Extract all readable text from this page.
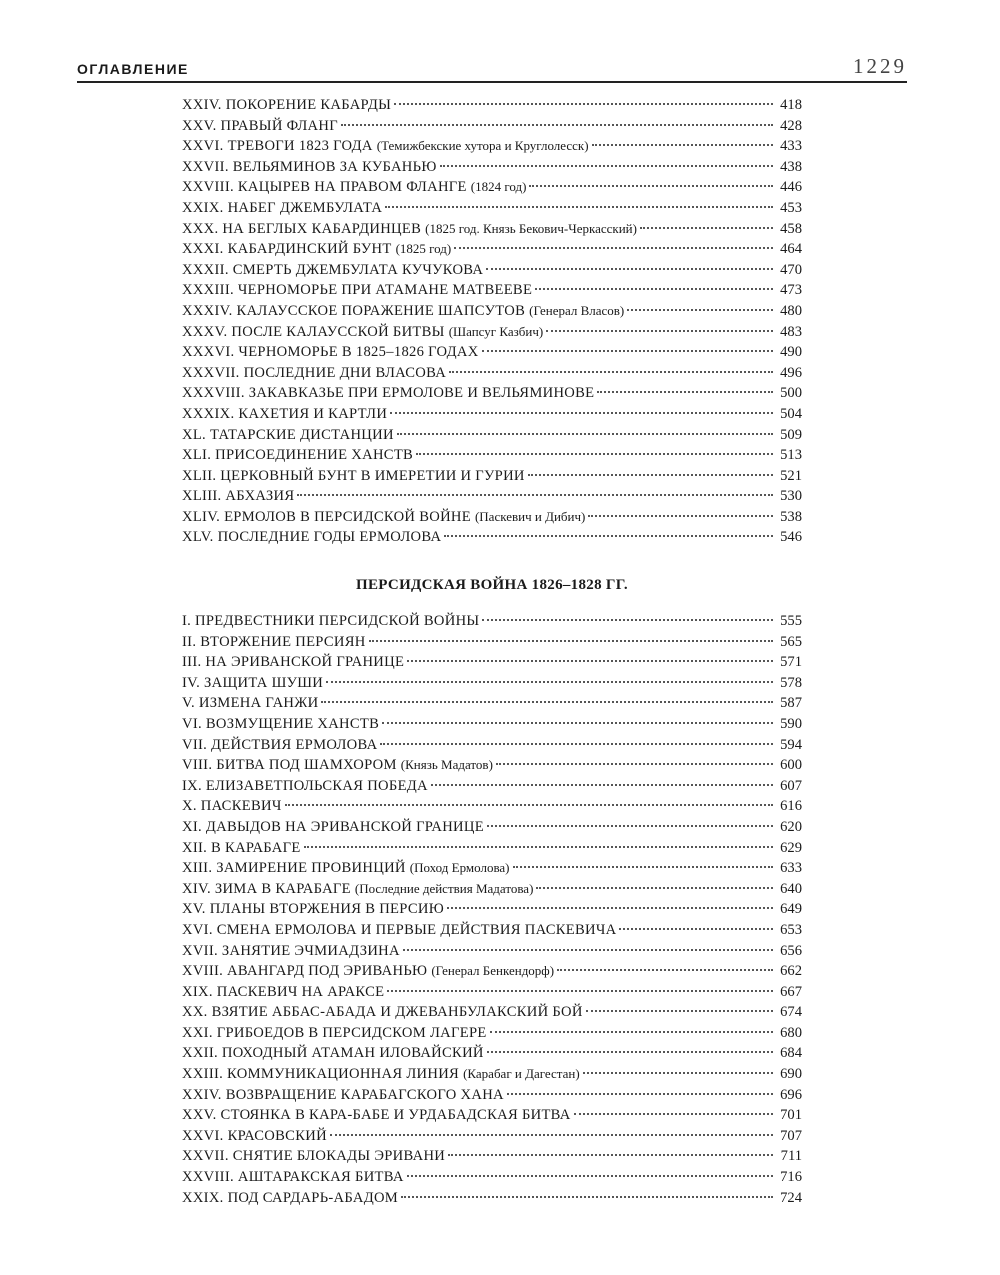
ОГЛАВЛЕНИЕ	1229
XXIV. ПОКОРЕНИЕ КАБАРДЫ	418
XXV. ПРАВЫЙ ФЛАНГ	428
XXVI. ТРЕВОГИ 1823 ГОДА (Темижбекские хутора и Круглолесск)	433
XXVII. ВЕЛЬЯМИНОВ ЗА КУБАНЬЮ	438
XXVIII. КАЦЫРЕВ НА ПРАВОМ ФЛАНГЕ (1824 год)	446
XXIX. НАБЕГ ДЖЕМБУЛАТА	453
XXX. НА БЕГЛЫХ КАБАРДИНЦЕВ (1825 год. Князь Бекович-Черкасский)	458
XXXI. КАБАРДИНСКИЙ БУНТ (1825 год)	464
XXXII. СМЕРТЬ ДЖЕМБУЛАТА КУЧУКОВА	470
XXXIII. ЧЕРНОМОРЬЕ ПРИ АТАМАНЕ МАТВЕЕВЕ	473
XXXIV. КАЛАУССКОЕ ПОРАЖЕНИЕ ШАПСУТОВ (Генерал Власов)	480
XXXV. ПОСЛЕ КАЛАУССКОЙ БИТВЫ (Шапсуг Казбич)	483
XXXVI. ЧЕРНОМОРЬЕ В 1825–1826 ГОДАХ	490
XXXVII. ПОСЛЕДНИЕ ДНИ ВЛАСОВА	496
XXXVIII. ЗАКАВКАЗЬЕ ПРИ ЕРМОЛОВЕ И ВЕЛЬЯМИНОВЕ	500
XXXIX. КАХЕТИЯ И КАРТЛИ	504
XL. ТАТАРСКИЕ ДИСТАНЦИИ	509
XLI. ПРИСОЕДИНЕНИЕ ХАНСТВ	513
XLII. ЦЕРКОВНЫЙ БУНТ В ИМЕРЕТИИ И ГУРИИ	521
XLIII. АБХАЗИЯ	530
XLIV. ЕРМОЛОВ В ПЕРСИДСКОЙ ВОЙНЕ (Паскевич и Дибич)	538
XLV. ПОСЛЕДНИЕ ГОДЫ ЕРМОЛОВА	546
ПЕРСИДСКАЯ ВОЙНА 1826–1828 ГГ.
I. ПРЕДВЕСТНИКИ ПЕРСИДСКОЙ ВОЙНЫ	555
II. ВТОРЖЕНИЕ ПЕРСИЯН	565
III. НА ЭРИВАНСКОЙ ГРАНИЦЕ	571
IV. ЗАЩИТА ШУШИ	578
V. ИЗМЕНА ГАНЖИ	587
VI. ВОЗМУЩЕНИЕ ХАНСТВ	590
VII. ДЕЙСТВИЯ ЕРМОЛОВА	594
VIII. БИТВА ПОД ШАМХОРОМ (Князь Мадатов)	600
IX. ЕЛИЗАВЕТПОЛЬСКАЯ ПОБЕДА	607
X. ПАСКЕВИЧ	616
XI. ДАВЫДОВ НА ЭРИВАНСКОЙ ГРАНИЦЕ	620
XII. В КАРАБАГЕ	629
XIII. ЗАМИРЕНИЕ ПРОВИНЦИЙ (Поход Ермолова)	633
XIV. ЗИМА В КАРАБАГЕ (Последние действия Мадатова)	640
XV. ПЛАНЫ ВТОРЖЕНИЯ В ПЕРСИЮ	649
XVI. СМЕНА ЕРМОЛОВА И ПЕРВЫЕ ДЕЙСТВИЯ ПАСКЕВИЧА	653
XVII. ЗАНЯТИЕ ЭЧМИАДЗИНА	656
XVIII. АВАНГАРД ПОД ЭРИВАНЬЮ (Генерал Бенкендорф)	662
XIX. ПАСКЕВИЧ НА АРАКСЕ	667
XX. ВЗЯТИЕ АББАС-АБАДА И ДЖЕВАНБУЛАКСКИЙ БОЙ	674
XXI. ГРИБОЕДОВ В ПЕРСИДСКОМ ЛАГЕРЕ	680
XXII. ПОХОДНЫЙ АТАМАН ИЛОВАЙСКИЙ	684
XXIII. КОММУНИКАЦИОННАЯ ЛИНИЯ (Карабаг и Дагестан)	690
XXIV. ВОЗВРАЩЕНИЕ КАРАБАГСКОГО ХАНА	696
XXV. СТОЯНКА В КАРА-БАБЕ И УРДАБАДСКАЯ БИТВА	701
XXVI. КРАСОВСКИЙ	707
XXVII. СНЯТИЕ БЛОКАДЫ ЭРИВАНИ	711
XXVIII. АШТАРАКСКАЯ БИТВА	716
XXIX. ПОД САРДАРЬ-АБАДОМ	724
